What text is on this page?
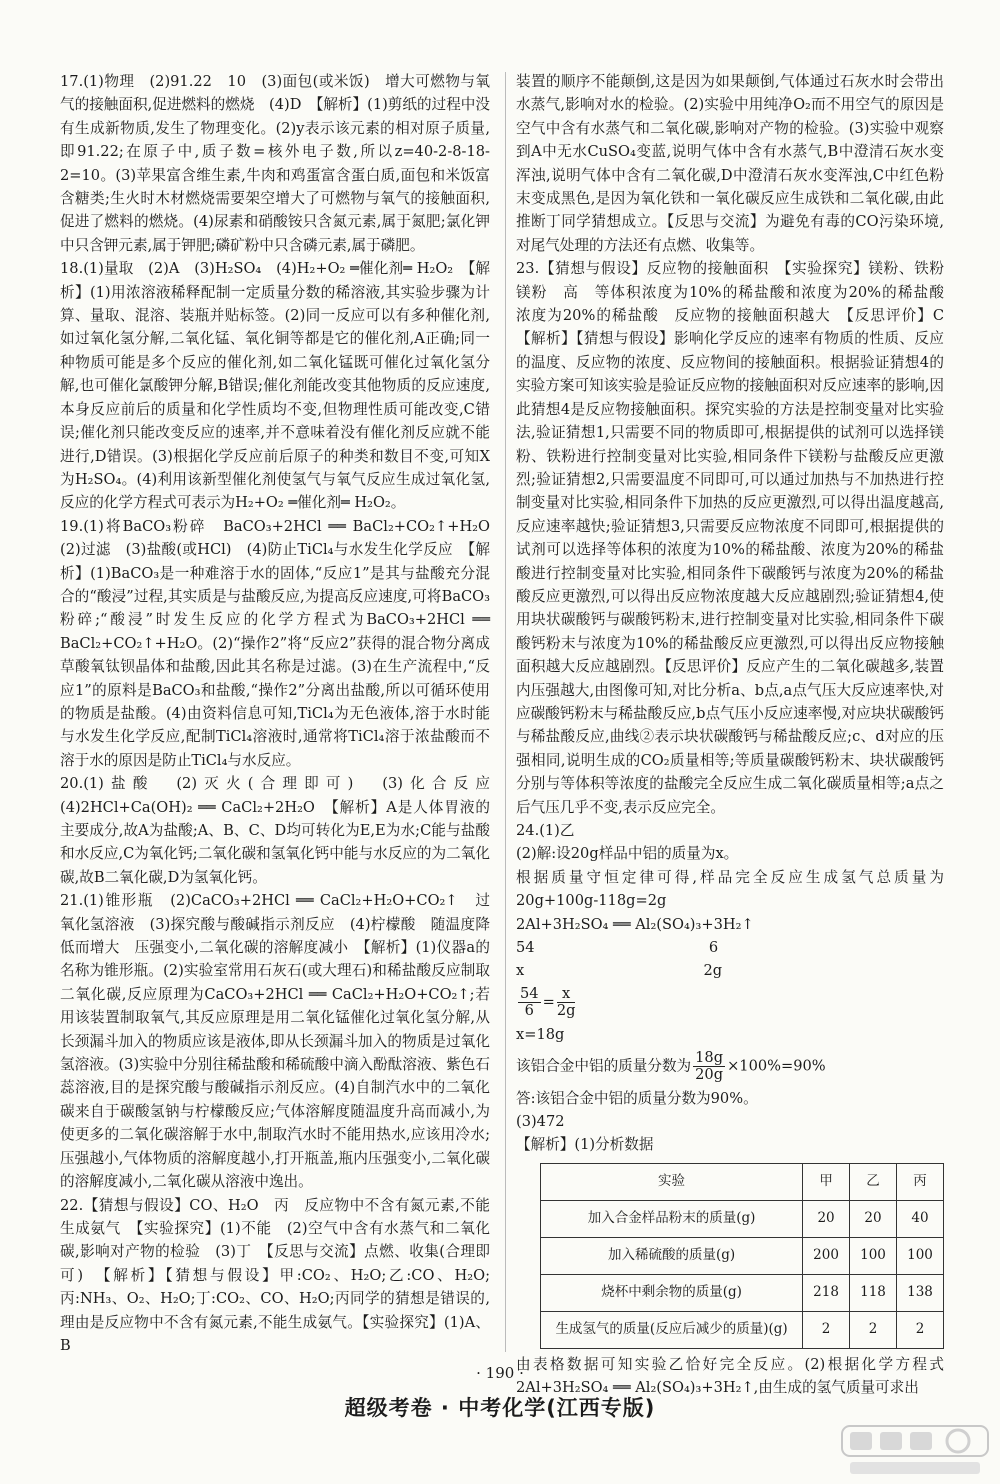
17.(1)物理　(2)91.22　10　(3)面包(或米饭)　增大可燃物与氧气的接触面积,促进燃料的燃烧　(4)D　【解析】(1)剪纸的过程中没有生成新物质,发生了物理变化。(2)y表示该元素的相对原子质量,即91.22;在原子中,质子数=核外电子数,所以z=40-2-8-18-2=10。(3)苹果富含维生素,牛肉和鸡蛋富含蛋白质,面包和米饭富含糖类;生火时木材燃烧需要架空增大了可燃物与氧气的接触面积,促进了燃料的燃烧。(4)尿素和硝酸铵只含氮元素,属于氮肥;氯化钾中只含钾元素,属于钾肥;磷矿粉中只含磷元素,属于磷肥。

18.(1)量取　(2)A　(3)H₂SO₄　(4)H₂+O₂ ═催化剂═ H₂O₂　【解析】(1)用浓溶液稀释配制一定质量分数的稀溶液,其实验步骤为计算、量取、混溶、装瓶并贴标签。(2)同一反应可以有多种催化剂,如过氧化氢分解,二氧化锰、氧化铜等都是它的催化剂,A正确;同一种物质可能是多个反应的催化剂,如二氧化锰既可催化过氧化氢分解,也可催化氯酸钾分解,B错误;催化剂能改变其他物质的反应速度,本身反应前后的质量和化学性质均不变,但物理性质可能改变,C错误;催化剂只能改变反应的速率,并不意味着没有催化剂反应就不能进行,D错误。(3)根据化学反应前后原子的种类和数目不变,可知X为H₂SO₄。(4)利用该新型催化剂使氢气与氧气反应生成过氧化氢,反应的化学方程式可表示为H₂+O₂ ═催化剂═ H₂O₂。

19.(1)将BaCO₃粉碎　BaCO₃+2HCl ══ BaCl₂+CO₂↑+H₂O　(2)过滤　(3)盐酸(或HCl)　(4)防止TiCl₄与水发生化学反应　【解析】(1)BaCO₃是一种难溶于水的固体,“反应1”是其与盐酸充分混合的“酸浸”过程,其实质是与盐酸反应,为提高反应速度,可将BaCO₃粉碎;“酸浸”时发生反应的化学方程式为BaCO₃+2HCl ══ BaCl₂+CO₂↑+H₂O。(2)“操作2”将“反应2”获得的混合物分离成草酸氧钛钡晶体和盐酸,因此其名称是过滤。(3)在生产流程中,“反应1”的原料是BaCO₃和盐酸,“操作2”分离出盐酸,所以可循环使用的物质是盐酸。(4)由资料信息可知,TiCl₄为无色液体,溶于水时能与水发生化学反应,配制TiCl₄溶液时,通常将TiCl₄溶于浓盐酸而不溶于水的原因是防止TiCl₄与水反应。

20.(1)盐酸　(2)灭火(合理即可)　(3)化合反应　(4)2HCl+Ca(OH)₂ ══ CaCl₂+2H₂O　【解析】A是人体胃液的主要成分,故A为盐酸;A、B、C、D均可转化为E,E为水;C能与盐酸和水反应,C为氧化钙;二氧化碳和氢氧化钙中能与水反应的为二氧化碳,故B二氧化碳,D为氢氧化钙。

21.(1)锥形瓶　(2)CaCO₃+2HCl ══ CaCl₂+H₂O+CO₂↑　过氧化氢溶液　(3)探究酸与酸碱指示剂反应　(4)柠檬酸　随温度降低而增大　压强变小,二氧化碳的溶解度减小　【解析】(1)仪器a的名称为锥形瓶。(2)实验室常用石灰石(或大理石)和稀盐酸反应制取二氧化碳,反应原理为CaCO₃+2HCl ══ CaCl₂+H₂O+CO₂↑;若用该装置制取氧气,其反应原理是用二氧化锰催化过氧化氢分解,从长颈漏斗加入的物质应该是液体,即从长颈漏斗加入的物质是过氧化氢溶液。(3)实验中分别往稀盐酸和稀硫酸中滴入酚酞溶液、紫色石蕊溶液,目的是探究酸与酸碱指示剂反应。(4)自制汽水中的二氧化碳来自于碳酸氢钠与柠檬酸反应;气体溶解度随温度升高而减小,为使更多的二氧化碳溶解于水中,制取汽水时不能用热水,应该用冷水;压强越小,气体物质的溶解度越小,打开瓶盖,瓶内压强变小,二氧化碳的溶解度减小,二氧化碳从溶液中逸出。

22.【猜想与假设】CO、H₂O　丙　反应物中不含有氮元素,不能生成氨气　【实验探究】(1)不能　(2)空气中含有水蒸气和二氧化碳,影响对产物的检验　(3)丁　【反思与交流】点燃、收集(合理即可)　【解析】【猜想与假设】甲:CO₂、H₂O;乙:CO、H₂O;丙:NH₃、O₂、H₂O;丁:CO₂、CO、H₂O;丙同学的猜想是错误的,理由是反应物中不含有氮元素,不能生成氨气。【实验探究】(1)A、B

装置的顺序不能颠倒,这是因为如果颠倒,气体通过石灰水时会带出水蒸气,影响对水的检验。(2)实验中用纯净O₂而不用空气的原因是空气中含有水蒸气和二氧化碳,影响对产物的检验。(3)实验中观察到A中无水CuSO₄变蓝,说明气体中含有水蒸气,B中澄清石灰水变浑浊,说明气体中含有二氧化碳,D中澄清石灰水变浑浊,C中红色粉末变成黑色,是因为氧化铁和一氧化碳反应生成铁和二氧化碳,由此推断丁同学猜想成立。【反思与交流】为避免有毒的CO污染环境,对尾气处理的方法还有点燃、收集等。

23.【猜想与假设】反应物的接触面积　【实验探究】镁粉、铁粉　镁粉　高　等体积浓度为10%的稀盐酸和浓度为20%的稀盐酸　浓度为20%的稀盐酸　反应物的接触面积越大　【反思评价】C　【解析】【猜想与假设】影响化学反应的速率有物质的性质、反应的温度、反应物的浓度、反应物间的接触面积。根据验证猜想4的实验方案可知该实验是验证反应物的接触面积对反应速率的影响,因此猜想4是反应物接触面积。探究实验的方法是控制变量对比实验法,验证猜想1,只需要不同的物质即可,根据提供的试剂可以选择镁粉、铁粉进行控制变量对比实验,相同条件下镁粉与盐酸反应更激烈;验证猜想2,只需要温度不同即可,可以通过加热与不加热进行控制变量对比实验,相同条件下加热的反应更激烈,可以得出温度越高,反应速率越快;验证猜想3,只需要反应物浓度不同即可,根据提供的试剂可以选择等体积的浓度为10%的稀盐酸、浓度为20%的稀盐酸进行控制变量对比实验,相同条件下碳酸钙与浓度为20%的稀盐酸反应更激烈,可以得出反应物浓度越大反应越剧烈;验证猜想4,使用块状碳酸钙与碳酸钙粉末,进行控制变量对比实验,相同条件下碳酸钙粉末与浓度为10%的稀盐酸反应更激烈,可以得出反应物接触面积越大反应越剧烈。【反思评价】反应产生的二氧化碳越多,装置内压强越大,由图像可知,对比分析a、b点,a点气压大反应速率快,对应碳酸钙粉末与稀盐酸反应,b点气压小反应速率慢,对应块状碳酸钙与稀盐酸反应,曲线②表示块状碳酸钙与稀盐酸反应;c、d对应的压强相同,说明生成的CO₂质量相等;等质量碳酸钙粉末、块状碳酸钙分别与等体积等浓度的盐酸完全反应生成二氧化碳质量相等;a点之后气压几乎不变,表示反应完全。

24.(1)乙

(2)解:设20g样品中铝的质量为x。

根据质量守恒定律可得,样品完全反应生成氢气总质量为20g+100g-118g=2g

2Al+3H₂SO₄ ══ Al₂(SO₄)₃+3H₂↑

54	6

x	2g

$\frac{54}{6} = \frac{x}{2g}$

x=18g

该铝合金中铝的质量分数为 $\frac{18g}{20g} \times 100\%=90\%$

答:该铝合金中铝的质量分数为90%。

(3)472

【解析】(1)分析数据

实验	甲	乙	丙
加入合金样品粉末的质量(g)	20	20	40
加入稀硫酸的质量(g)	200	100	100
烧杯中剩余物的质量(g)	218	118	138
生成氢气的质量(反应后减少的质量)(g)	2	2	2

由表格数据可知实验乙恰好完全反应。(2)根据化学方程式2Al+3H₂SO₄ ══ Al₂(SO₄)₃+3H₂↑,由生成的氢气质量可求出

· 190 ·
超级考卷 · 中考化学(江西专版)
